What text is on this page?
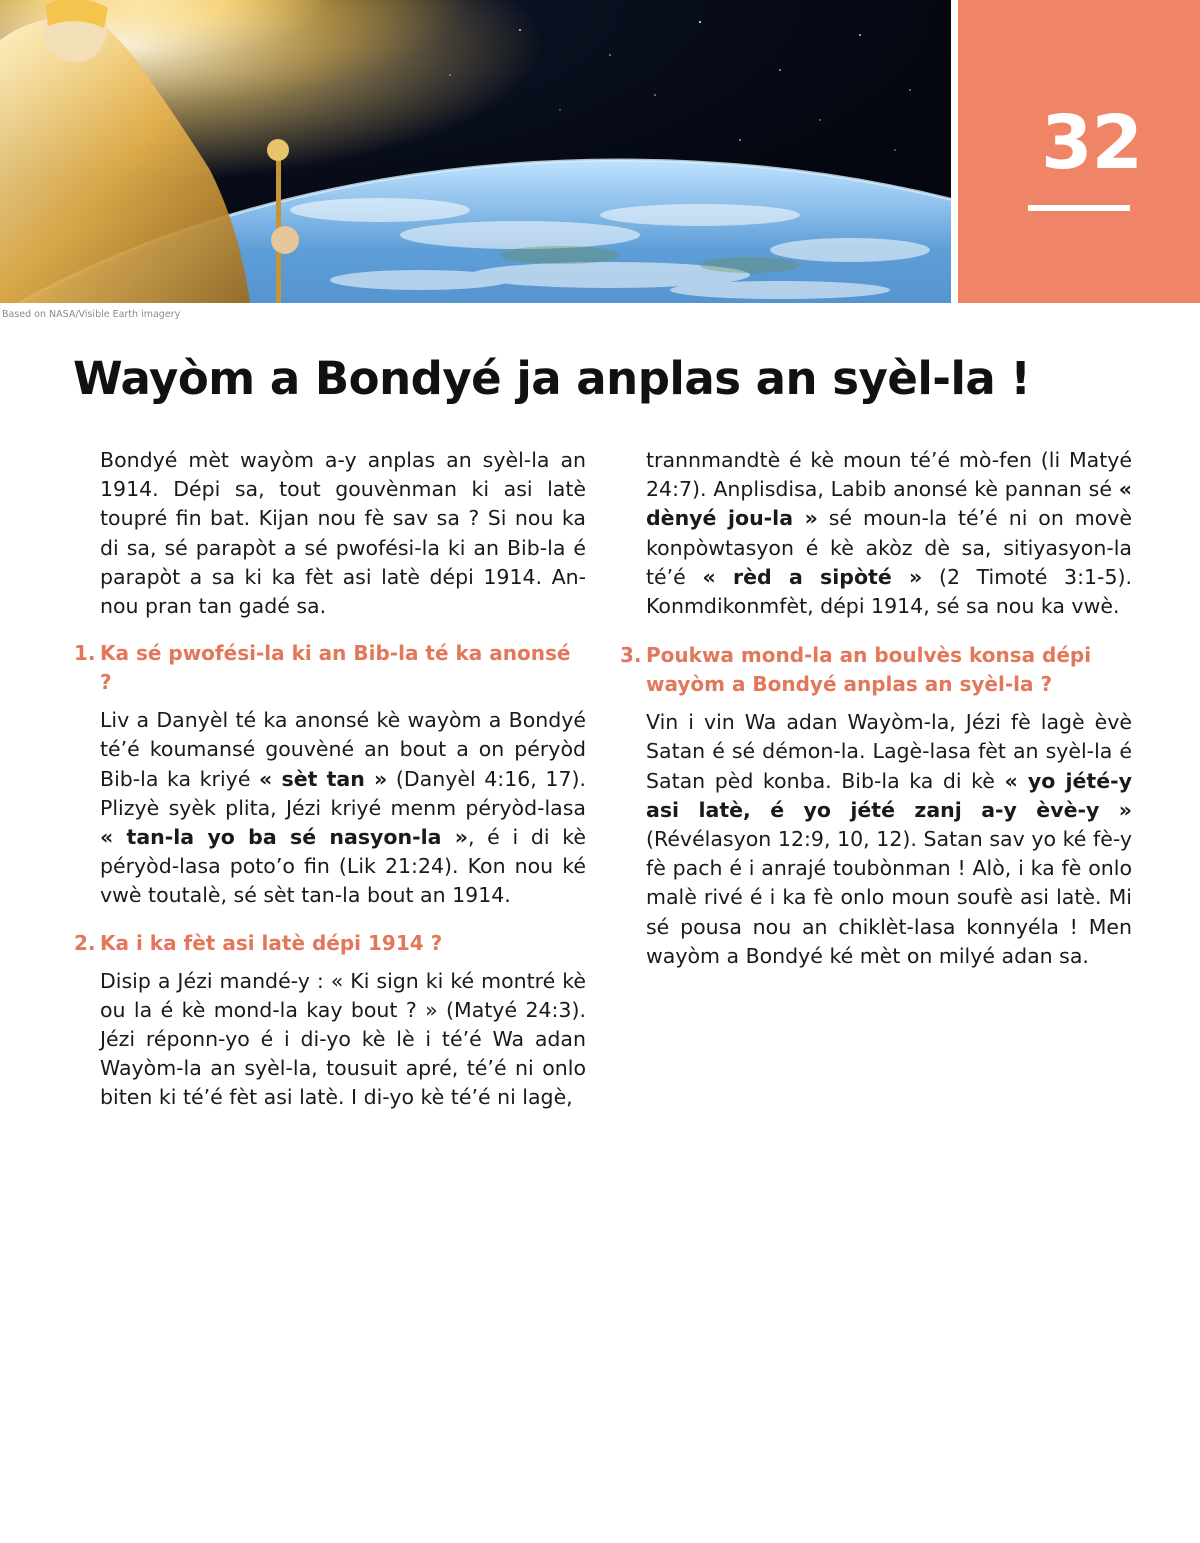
32
Based on NASA/Visible Earth imagery
Wayòm a Bondyé ja anplas an syèl-la !

Bondyé mèt wayòm a-y anplas an syèl-la an 1914. Dépi sa, tout gouvènman ki asi latè toupré fin bat. Kijan nou fè sav sa ? Si nou ka di sa, sé parapòt a sé pwofési-la ki an Bib-la é parapòt a sa ki ka fèt asi latè dépi 1914. An-nou pran tan gadé sa.

1. Ka sé pwofési-la ki an Bib-la té ka anonsé ?

Liv a Danyèl té ka anonsé kè wayòm a Bondyé té’é koumansé gouvèné an bout a on péryòd Bib-la ka kriyé « sèt tan » (Danyèl 4:16, 17). Plizyè syèk plita, Jézi kriyé menm péryòd-lasa « tan-la yo ba sé nasyon-la », é i di kè péryòd-lasa poto’o fin (Lik 21:24). Kon nou ké vwè toutalè, sé sèt tan-la bout an 1914.

2. Ka i ka fèt asi latè dépi 1914 ?

Disip a Jézi mandé-y : « Ki sign ki ké montré kè ou la é kè mond-la kay bout ? » (Matyé 24:3). Jézi réponn-yo é i di-yo kè lè i té’é Wa adan Wayòm-la an syèl-la, tousuit apré, té’é ni onlo biten ki té’é fèt asi latè. I di-yo kè té’é ni lagè,

trannmandtè é kè moun té’é mò-fen (li Matyé 24:7). Anplisdisa, Labib anonsé kè pannan sé « dènyé jou-la » sé moun-la té’é ni on movè konpòwtasyon é kè akòz dè sa, sitiyasyon-la té’é « rèd a sipòté » (2 Timoté 3:1-5). Konmdikonmfèt, dépi 1914, sé sa nou ka vwè.

3. Poukwa mond-la an boulvès konsa dépi wayòm a Bondyé anplas an syèl-la ?

Vin i vin Wa adan Wayòm-la, Jézi fè lagè èvè Satan é sé démon-la. Lagè-lasa fèt an syèl-la é Satan pèd konba. Bib-la ka di kè « yo jété-y asi latè, é yo jété zanj a-y èvè-y » (Révélasyon 12:9, 10, 12). Satan sav yo ké fè-y fè pach é i anrajé toubònman ! Alò, i ka fè onlo malè rivé é i ka fè onlo moun soufè asi latè. Mi sé pousa nou an chiklèt-lasa konnyéla ! Men wayòm a Bondyé ké mèt on milyé adan sa.
